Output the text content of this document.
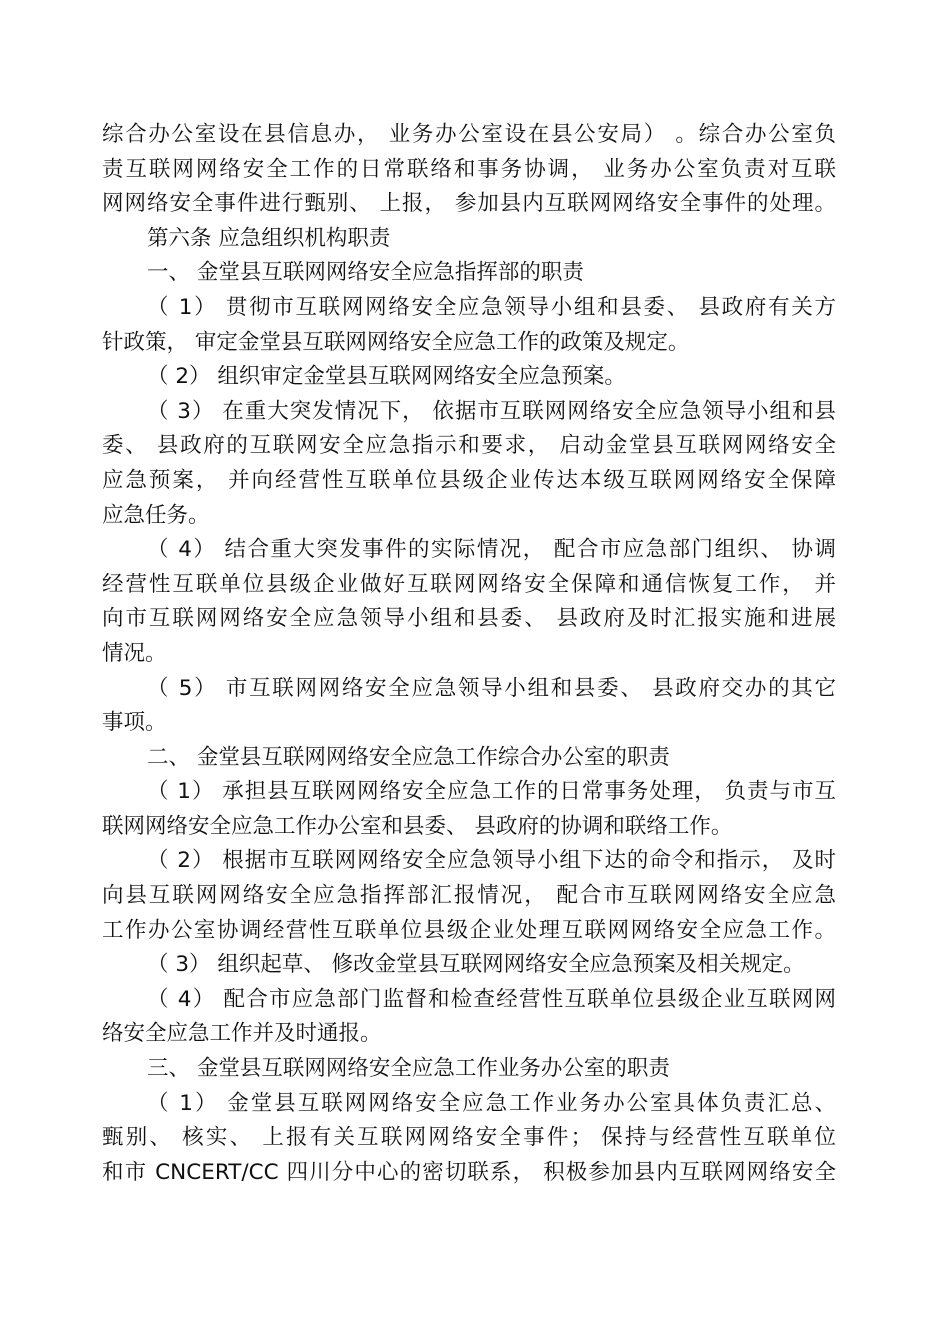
综合办公室设在县信息办， 业务办公室设在县公安局） 。综合办公室负
责互联网网络安全工作的日常联络和事务协调， 业务办公室负责对互联
网网络安全事件进行甄别、 上报， 参加县内互联网网络安全事件的处理。
第六条 应急组织机构职责
一、 金堂县互联网网络安全应急指挥部的职责
（ 1） 贯彻市互联网网络安全应急领导小组和县委、 县政府有关方
针政策， 审定金堂县互联网网络安全应急工作的政策及规定。
（ 2） 组织审定金堂县互联网网络安全应急预案。
（ 3） 在重大突发情况下， 依据市互联网网络安全应急领导小组和县
委、 县政府的互联网安全应急指示和要求， 启动金堂县互联网网络安全
应急预案， 并向经营性互联单位县级企业传达本级互联网网络安全保障
应急任务。
（ 4） 结合重大突发事件的实际情况， 配合市应急部门组织、 协调
经营性互联单位县级企业做好互联网网络安全保障和通信恢复工作， 并
向市互联网网络安全应急领导小组和县委、 县政府及时汇报实施和进展
情况。
（ 5） 市互联网网络安全应急领导小组和县委、 县政府交办的其它
事项。
二、 金堂县互联网网络安全应急工作综合办公室的职责
（ 1） 承担县互联网网络安全应急工作的日常事务处理， 负责与市互
联网网络安全应急工作办公室和县委、 县政府的协调和联络工作。
（ 2） 根据市互联网网络安全应急领导小组下达的命令和指示， 及时
向县互联网网络安全应急指挥部汇报情况， 配合市互联网网络安全应急
工作办公室协调经营性互联单位县级企业处理互联网网络安全应急工作。
（ 3） 组织起草、 修改金堂县互联网网络安全应急预案及相关规定。
（ 4） 配合市应急部门监督和检查经营性互联单位县级企业互联网网
络安全应急工作并及时通报。
三、 金堂县互联网网络安全应急工作业务办公室的职责
（ 1） 金堂县互联网网络安全应急工作业务办公室具体负责汇总、
甄别、 核实、 上报有关互联网网络安全事件； 保持与经营性互联单位
和市 CNCERT/CC 四川分中心的密切联系， 积极参加县内互联网网络安全
